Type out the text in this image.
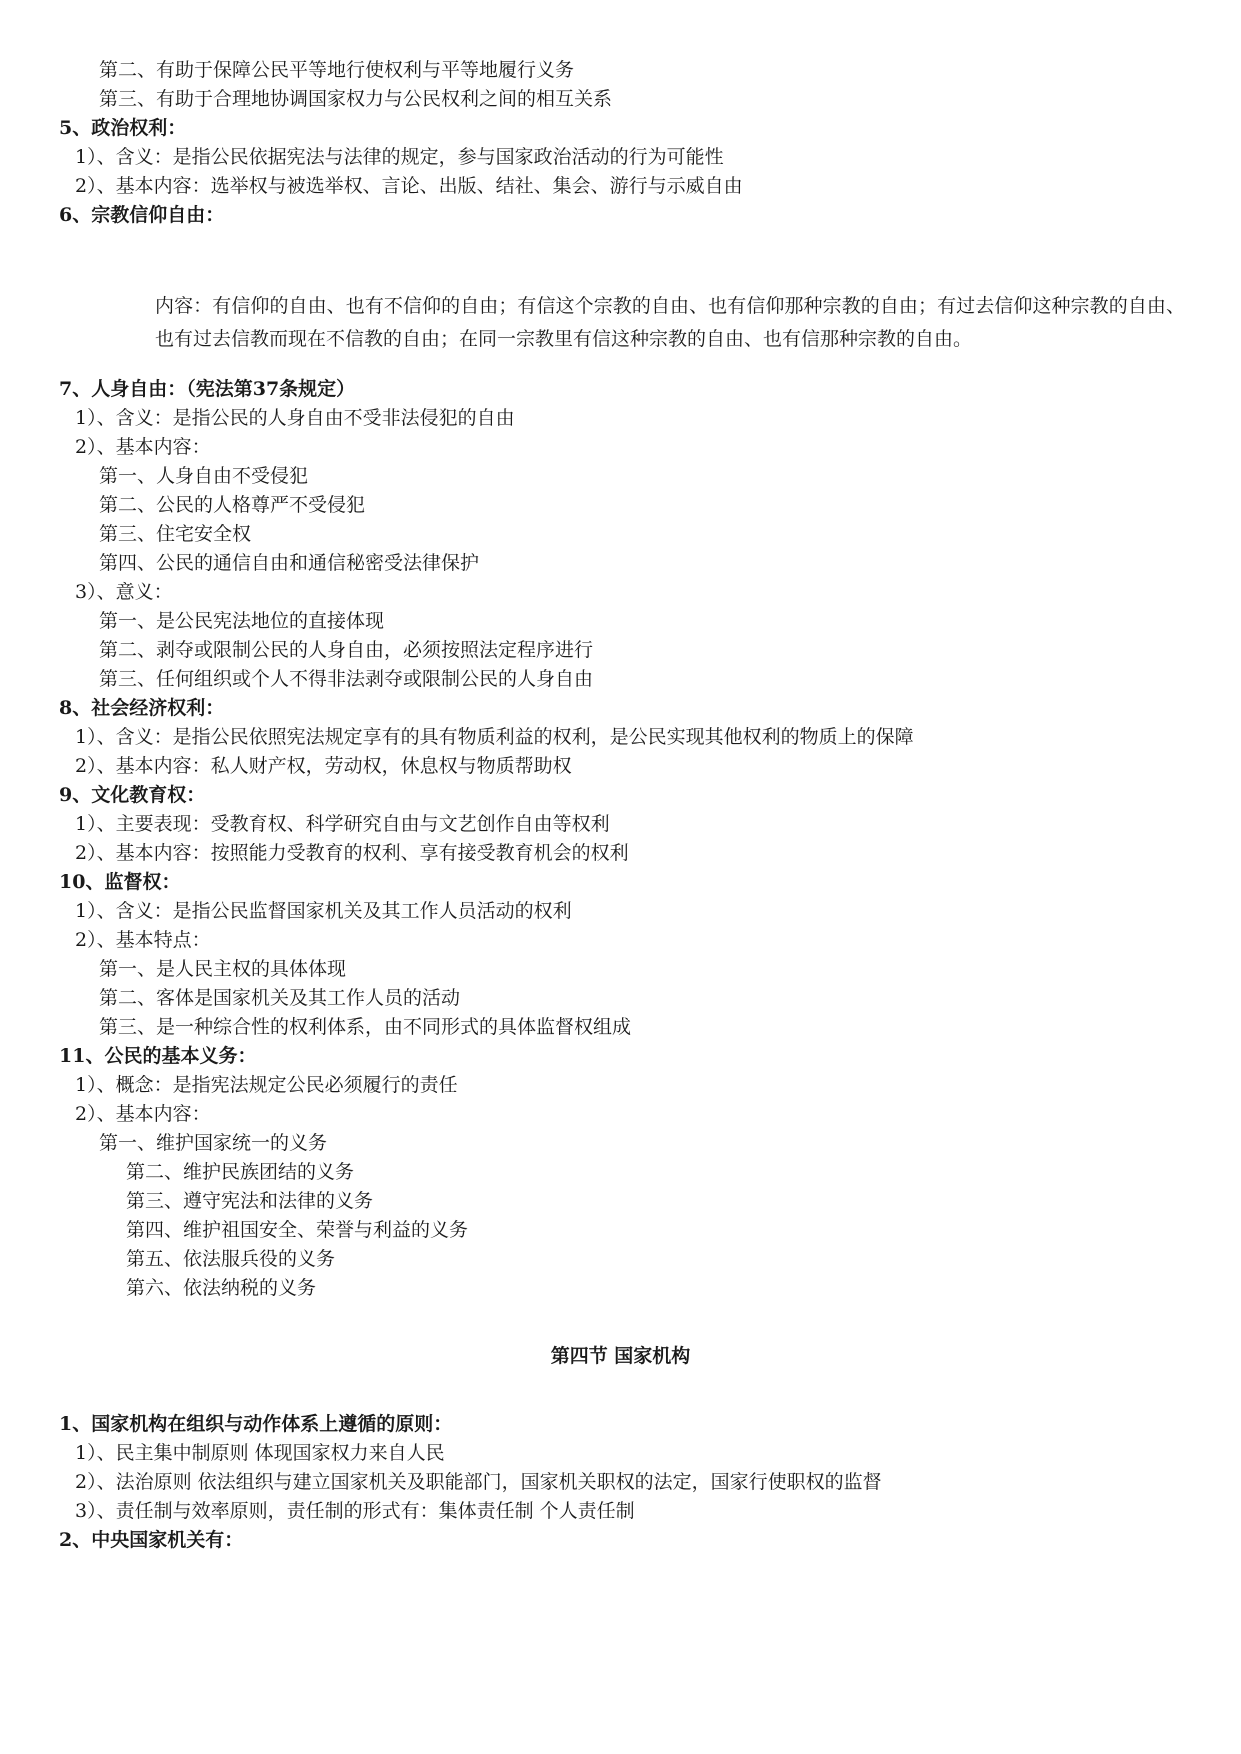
第二、有助于保障公民平等地行使权利与平等地履行义务
第三、有助于合理地协调国家权力与公民权利之间的相互关系
5、政治权利：
1）、含义：是指公民依据宪法与法律的规定，参与国家政治活动的行为可能性
2）、基本内容：选举权与被选举权、言论、出版、结社、集会、游行与示威自由
6、宗教信仰自由：
内容：有信仰的自由、也有不信仰的自由；有信这个宗教的自由、也有信仰那种宗教的自由；有过去信仰这种宗教的自由、也有过去信教而现在不信教的自由；在同一宗教里有信这种宗教的自由、也有信那种宗教的自由。
7、人身自由：（宪法第37条规定）
1）、含义：是指公民的人身自由不受非法侵犯的自由
2）、基本内容：
第一、人身自由不受侵犯
第二、公民的人格尊严不受侵犯
第三、住宅安全权
第四、公民的通信自由和通信秘密受法律保护
3）、意义：
第一、是公民宪法地位的直接体现
第二、剥夺或限制公民的人身自由，必须按照法定程序进行
第三、任何组织或个人不得非法剥夺或限制公民的人身自由
8、社会经济权利：
1）、含义：是指公民依照宪法规定享有的具有物质利益的权利，是公民实现其他权利的物质上的保障
2）、基本内容：私人财产权，劳动权，休息权与物质帮助权
9、文化教育权：
1）、主要表现：受教育权、科学研究自由与文艺创作自由等权利
2）、基本内容：按照能力受教育的权利、享有接受教育机会的权利
10、监督权：
1）、含义：是指公民监督国家机关及其工作人员活动的权利
2）、基本特点：
第一、是人民主权的具体体现
第二、客体是国家机关及其工作人员的活动
第三、是一种综合性的权利体系，由不同形式的具体监督权组成
11、公民的基本义务：
1）、概念：是指宪法规定公民必须履行的责任
2）、基本内容：
第一、维护国家统一的义务
第二、维护民族团结的义务
第三、遵守宪法和法律的义务
第四、维护祖国安全、荣誉与利益的义务
第五、依法服兵役的义务
第六、依法纳税的义务
第四节 国家机构
1、国家机构在组织与动作体系上遵循的原则：
1）、民主集中制原则 体现国家权力来自人民
2）、法治原则 依法组织与建立国家机关及职能部门，国家机关职权的法定，国家行使职权的监督
3）、责任制与效率原则，责任制的形式有：集体责任制 个人责任制
2、中央国家机关有：
